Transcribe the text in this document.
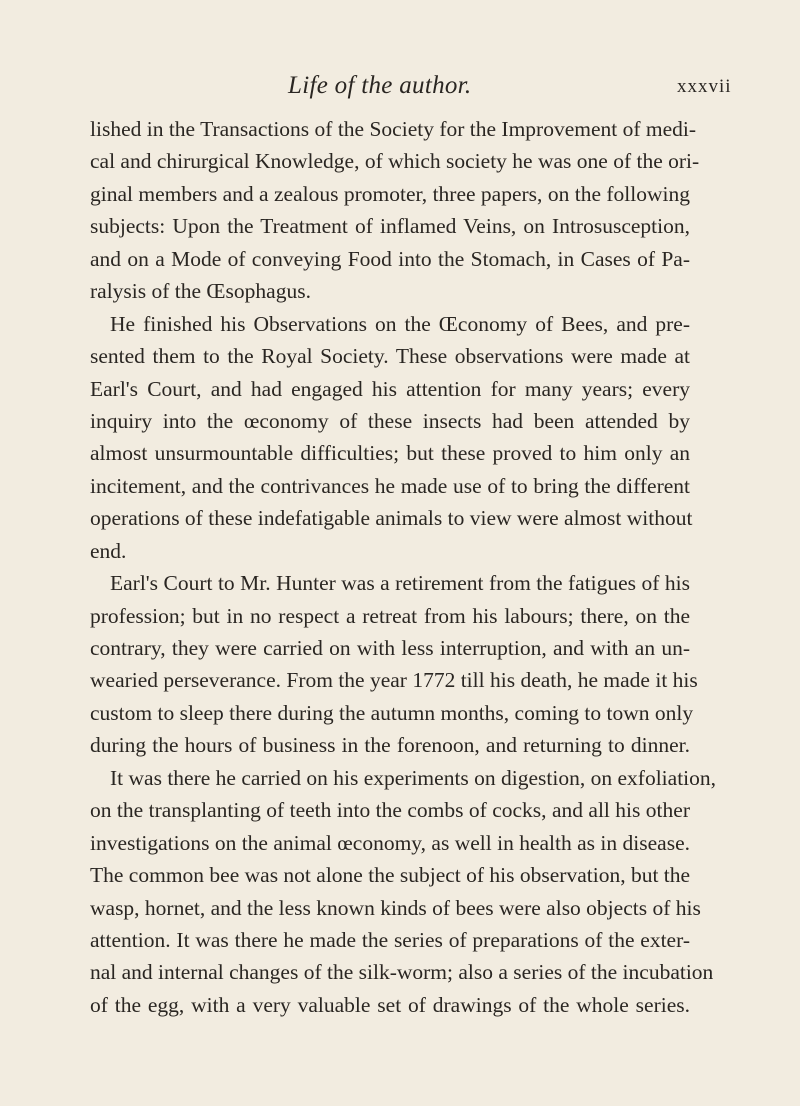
Life of the author.	xxxvii
lished in the Transactions of the Society for the Improvement of medi-
cal and chirurgical Knowledge, of which society he was one of the ori-
ginal members and a zealous promoter, three papers, on the following
subjects: Upon the Treatment of inflamed Veins, on Introsusception,
and on a Mode of conveying Food into the Stomach, in Cases of Pa-
ralysis of the Œsophagus.
He finished his Observations on the Œconomy of Bees, and pre-
sented them to the Royal Society. These observations were made at
Earl's Court, and had engaged his attention for many years; every
inquiry into the œconomy of these insects had been attended by
almost unsurmountable difficulties; but these proved to him only an
incitement, and the contrivances he made use of to bring the different
operations of these indefatigable animals to view were almost without
end.
Earl's Court to Mr. Hunter was a retirement from the fatigues of his
profession; but in no respect a retreat from his labours; there, on the
contrary, they were carried on with less interruption, and with an un-
wearied perseverance. From the year 1772 till his death, he made it his
custom to sleep there during the autumn months, coming to town only
during the hours of business in the forenoon, and returning to dinner.
It was there he carried on his experiments on digestion, on exfoliation,
on the transplanting of teeth into the combs of cocks, and all his other
investigations on the animal œconomy, as well in health as in disease.
The common bee was not alone the subject of his observation, but the
wasp, hornet, and the less known kinds of bees were also objects of his
attention. It was there he made the series of preparations of the exter-
nal and internal changes of the silk-worm; also a series of the incubation
of the egg, with a very valuable set of drawings of the whole series.
